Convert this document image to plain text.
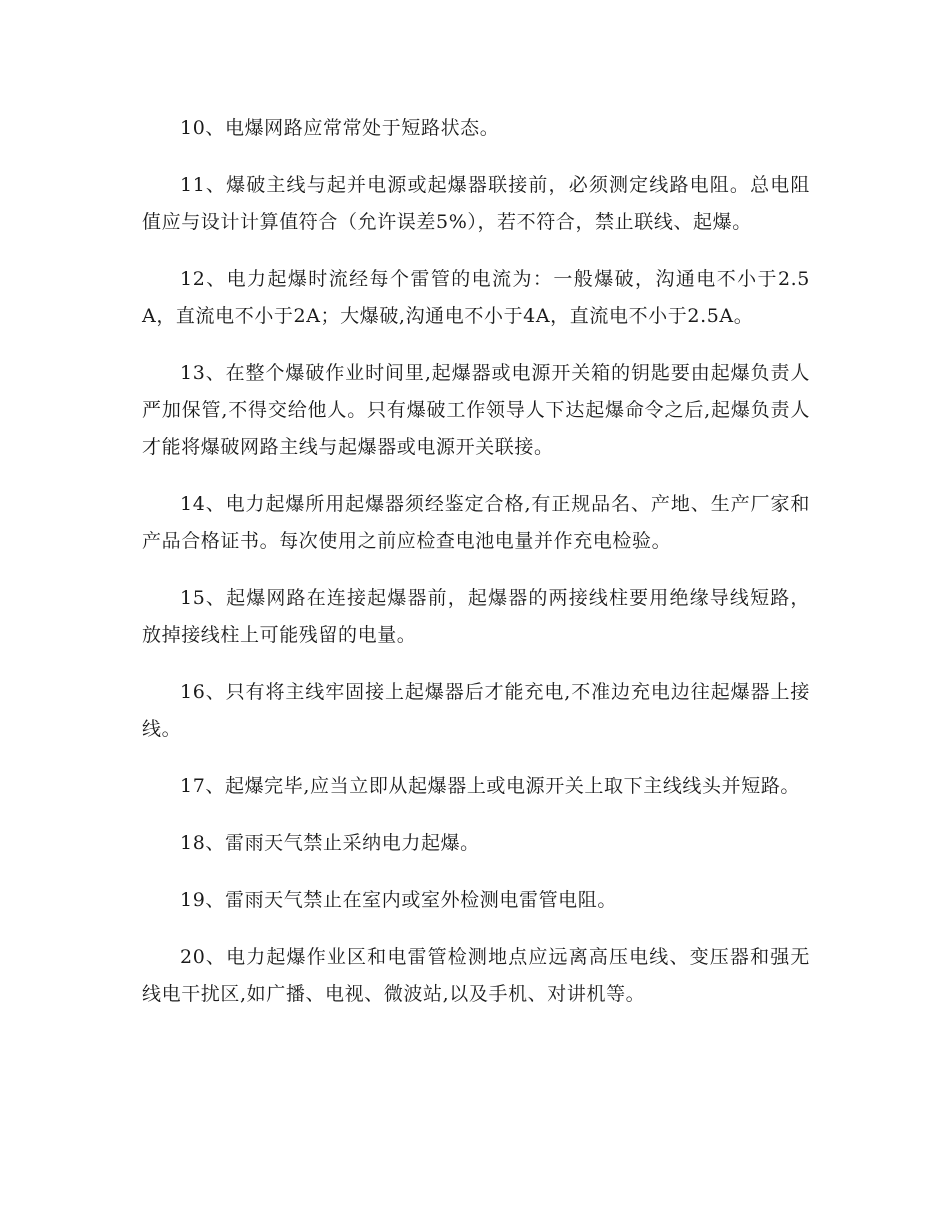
10、电爆网路应常常处于短路状态。

11、爆破主线与起并电源或起爆器联接前，必须测定线路电阻。总电阻值应与设计计算值符合（允许误差5%），若不符合，禁止联线、起爆。

12、电力起爆时流经每个雷管的电流为：一般爆破，沟通电不小于2.5A，直流电不小于2A；大爆破,沟通电不小于4A，直流电不小于2.5A。

13、在整个爆破作业时间里,起爆器或电源开关箱的钥匙要由起爆负责人严加保管,不得交给他人。只有爆破工作领导人下达起爆命令之后,起爆负责人才能将爆破网路主线与起爆器或电源开关联接。

14、电力起爆所用起爆器须经鉴定合格,有正规品名、产地、生产厂家和产品合格证书。每次使用之前应检查电池电量并作充电检验。

15、起爆网路在连接起爆器前，起爆器的两接线柱要用绝缘导线短路，放掉接线柱上可能残留的电量。

16、只有将主线牢固接上起爆器后才能充电,不准边充电边往起爆器上接线。

17、起爆完毕,应当立即从起爆器上或电源开关上取下主线线头并短路。

18、雷雨天气禁止采纳电力起爆。

19、雷雨天气禁止在室内或室外检测电雷管电阻。

20、电力起爆作业区和电雷管检测地点应远离高压电线、变压器和强无线电干扰区,如广播、电视、微波站,以及手机、对讲机等。
